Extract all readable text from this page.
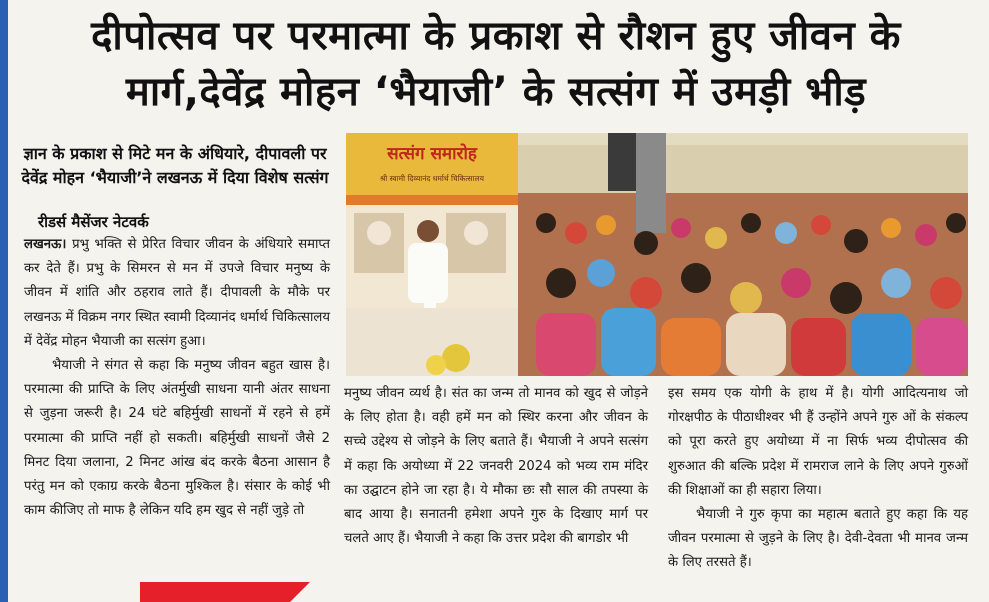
दीपोत्सव पर परमात्मा के प्रकाश से रौशन हुए जीवन के
मार्ग,देवेंद्र मोहन ‘भैयाजी’ के सत्संग में उमड़ी भीड़
ज्ञान के प्रकाश से मिटे मन के अंधियारे, दीपावली पर
देवेंद्र मोहन ‘भैयाजी’ने लखनऊ में दिया विशेष सत्संग
रीडर्स मैसेंजर नेटवर्क

लखनऊ। प्रभु भक्ति से प्रेरित विचार जीवन के अंधियारे समाप्त कर देते हैं। प्रभु के सिमरन से मन में उपजे विचार मनुष्य के जीवन में शांति और ठहराव लाते हैं। दीपावली के मौके पर लखनऊ में विक्रम नगर स्थित स्वामी दिव्यानंद धर्मार्थ चिकित्सालय में देवेंद्र मोहन भैयाजी का सत्संग हुआ।

भैयाजी ने संगत से कहा कि मनुष्य जीवन बहुत खास है। परमात्मा की प्राप्ति के लिए अंतर्मुखी साधना यानी अंतर साधना से जुड़ना जरूरी है। 24 घंटे बहिर्मुखी साधनों में रहने से हमें परमात्मा की प्राप्ति नहीं हो सकती। बहिर्मुखी साधनों जैसे 2 मिनट दिया जलाना, 2 मिनट आंख बंद करके बैठना आसान है परंतु मन को एकाग्र करके बैठना मुश्किल है। संसार के कोई भी काम कीजिए तो माफ है लेकिन यदि हम खुद से नहीं जुड़े तो

सत्संग समारोह
श्री स्वामी दिव्यानंद धर्मार्थ चिकित्सालय

मनुष्य जीवन व्यर्थ है। संत का जन्म तो मानव को खुद से जोड़ने के लिए होता है। वही हमें मन को स्थिर करना और जीवन के सच्चे उद्देश्य से जोड़ने के लिए बताते हैं। भैयाजी ने अपने सत्संग में कहा कि अयोध्या में 22 जनवरी 2024 को भव्य राम मंदिर का उद्घाटन होने जा रहा है। ये मौका छः सौ साल की तपस्या के बाद आया है। सनातनी हमेशा अपने गुरु के दिखाए मार्ग पर चलते आए हैं। भैयाजी ने कहा कि उत्तर प्रदेश की बागडोर भी

इस समय एक योगी के हाथ में है। योगी आदित्यनाथ जो गोरक्षपीठ के पीठाधीश्वर भी हैं उन्होंने अपने गुरु ओं के संकल्प को पूरा करते हुए अयोध्या में ना सिर्फ भव्य दीपोत्सव की शुरुआत की बल्कि प्रदेश में रामराज लाने के लिए अपने गुरुओं की शिक्षाओं का ही सहारा लिया।

भैयाजी ने गुरु कृपा का महात्म बताते हुए कहा कि यह जीवन परमात्मा से जुड़ने के लिए है। देवी-देवता भी मानव जन्म के लिए तरसते हैं।
